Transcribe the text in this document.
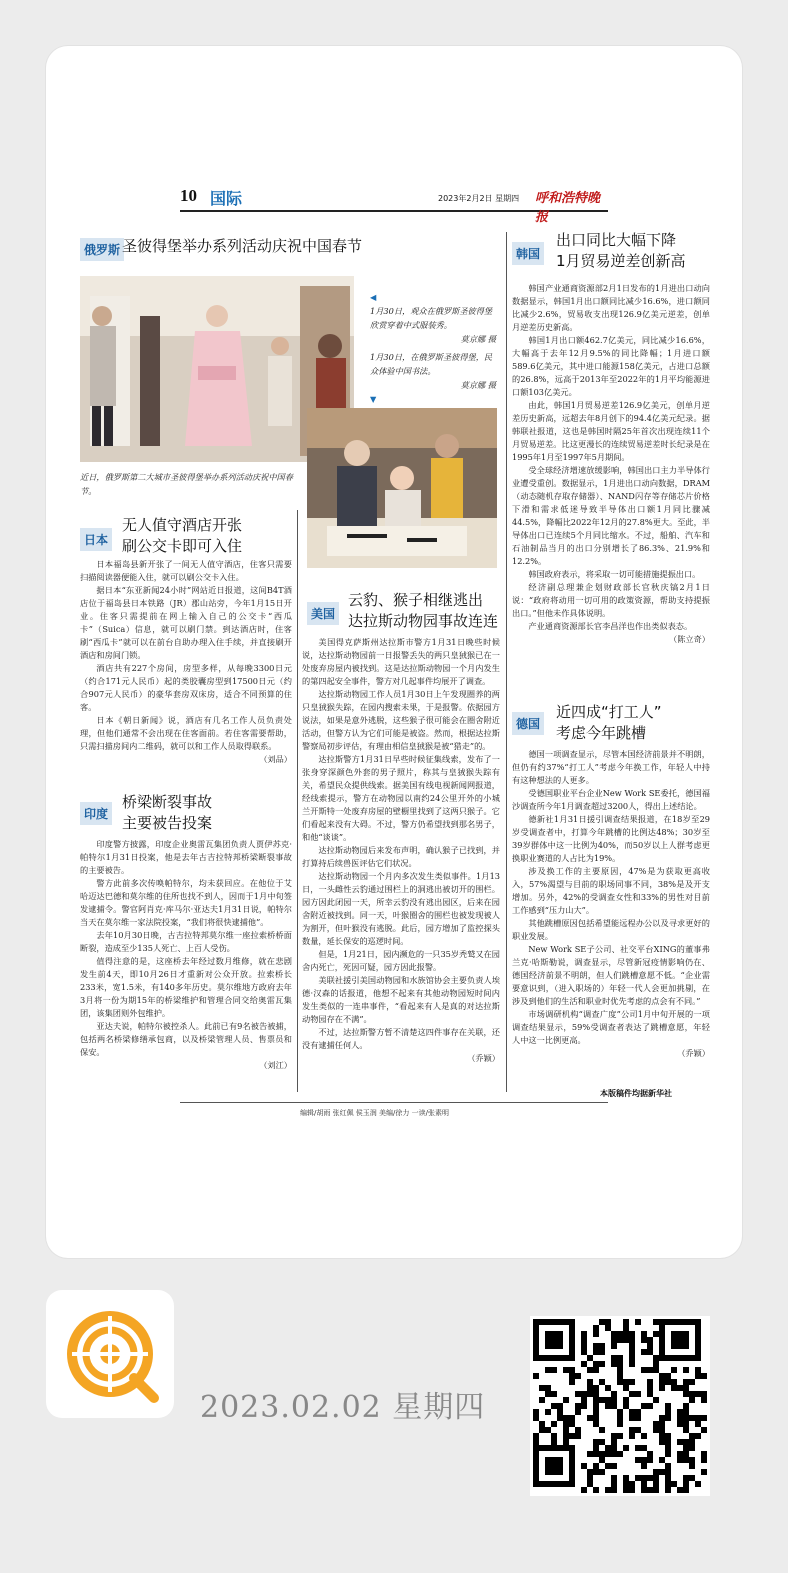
10 国际	2023年2月2日 星期四 呼和浩特晚报
俄罗斯 圣彼得堡举办系列活动庆祝中国春节
◀
1月30日，观众在俄罗斯圣彼得堡欣赏穿着中式服装秀。
莫京娜 摄
1月30日，在俄罗斯圣彼得堡，民众体验中国书法。
莫京娜 摄
▼
近日，俄罗斯第二大城市圣彼得堡举办系列活动庆祝中国春节。
韩国
出口同比大幅下降
1月贸易逆差创新高

韩国产业通商资源部2月1日发布的1月进出口动向数据显示，韩国1月出口额同比减少16.6%，进口额同比减少2.6%，贸易收支出现126.9亿美元逆差，创单月逆差历史新高。

韩国1月出口额462.7亿美元，同比减少16.6%，大幅高于去年12月9.5%的同比降幅；1月进口额589.6亿美元，其中进口能源158亿美元，占进口总额的26.8%，远高于2013年至2022年的1月平均能源进口额103亿美元。

由此，韩国1月贸易逆差126.9亿美元，创单月逆差历史新高，远超去年8月创下的94.4亿美元纪录。据韩联社报道，这也是韩国时隔25年首次出现连续11个月贸易逆差。比这更漫长的连续贸易逆差时长纪录是在1995年1月至1997年5月期间。

受全球经济增速放缓影响，韩国出口主力半导体行业遭受重创。数据显示，1月进出口动向数据，DRAM（动态随机存取存储器）、NAND闪存等存储芯片价格下滑和需求低迷导致半导体出口额1月同比骤减44.5%，降幅比2022年12月的27.8%更大。至此，半导体出口已连续5个月同比缩水。不过，船舶、汽车和石油制品当月的出口分别增长了86.3%、21.9%和12.2%。

韩国政府表示，将采取一切可能措施提振出口。

经济副总理兼企划财政部长官秋庆镐2月1日说：“政府将动用一切可用的政策资源，帮助支持提振出口。”但他未作具体说明。

产业通商资源部长官李昌洋也作出类似表态。

（陈立奇）
日本
无人值守酒店开张
刷公交卡即可入住

日本福岛县新开张了一间无人值守酒店，住客只需要扫描阅读器便能入住，就可以刷公交卡入住。

据日本“东亚新闻24小时”网站近日报道，这间B4T酒店位于福岛县日本铁路（JR）郡山站旁，今年1月15日开业。住客只需提前在网上输入自己的公交卡“西瓜卡”（Suica）信息，就可以刷门禁。到达酒店时，住客刷“西瓜卡”就可以在前台自助办理入住手续，并直接刷开酒店和房间门锁。

酒店共有227个房间，房型多样，从每晚3300日元（约合171元人民币）起的类胶囊房型到17500日元（约合907元人民币）的豪华套房双床房，适合不同预算的住客。

日本《朝日新闻》说，酒店有几名工作人员负责处理，但他们通常不会出现在住客面前。若住客需要帮助，只需扫描房间内二维码，就可以和工作人员取得联系。

（刘品）
印度
桥梁断裂事故
主要被告投案

印度警方披露，印度企业奥雷瓦集团负责人贾伊苏克·帕特尔1月31日投案，他是去年古吉拉特邦桥梁断裂事故的主要被告。

警方此前多次传唤帕特尔，均未获回应。在他位于艾哈迈达巴德和莫尔维的住所也找不到人，因而于1月中旬签发逮捕令。警官阿肖克·库马尔·亚达夫1月31日说，帕特尔当天在莫尔维一家法院投案，“我们将很快逮捕他”。

去年10月30日晚，古吉拉特邦莫尔维一座拉索桥桥面断裂，造成至少135人死亡、上百人受伤。

值得注意的是，这座桥去年经过数月维修，就在悲剧发生前4天，即10月26日才重新对公众开放。拉索桥长233米，宽1.5米，有140多年历史。莫尔维地方政府去年3月将一份为期15年的桥梁维护和管理合同交给奥雷瓦集团，该集团则外包维护。

亚达夫说，帕特尔被控杀人。此前已有9名被告被捕，包括两名桥梁修缮承包商，以及桥梁管理人员、售票员和保安。

（刘江）
美国
云豹、猴子相继逃出
达拉斯动物园事故连连

美国得克萨斯州达拉斯市警方1月31日晚些时候说，达拉斯动物园前一日报警丢失的两只皇狨猴已在一处废弃房屋内被找到。这是达拉斯动物园一个月内发生的第四起安全事件，警方对几起事件均展开了调查。

达拉斯动物园工作人员1月30日上午发现圈养的两只皇狨猴失踪，在园内搜索未果，于是报警。依据园方说法，如果是意外逃脱，这些猴子很可能会在圈舍附近活动，但警方认为它们可能是被盗。然而，根据达拉斯警察局初步评估，有理由相信皇狨猴是被“猎走”的。

达拉斯警方1月31日早些时候征集线索，发布了一张身穿深颜色外套的男子照片，称其与皇狨猴失踪有关，希望民众提供线索。据美国有线电视新闻网报道，经线索提示，警方在动物园以南约24公里开外的小城兰开斯特一处废弃房屋的壁橱里找到了这两只猴子。它们看起来没有大碍。不过，警方仍希望找到那名男子，和他“谈谈”。

达拉斯动物园后来发布声明，确认猴子已找到，并打算持后续兽医评估它们状况。

达拉斯动物园一个月内多次发生类似事件。1月13日，一头雌性云豹通过围栏上的洞逃出被切开的围栏。园方因此闭园一天，所幸云豹没有逃出园区，后来在园舍附近被找到。同一天，叶猴圈舍的围栏也被发现被人为割开，但叶猴没有逃脱。此后，园方增加了监控探头数量，延长保安的巡逻时间。

但是，1月21日，园内濒危的一只35岁秃鹫又在园舍内死亡，死因可疑，园方因此报警。

美联社援引美国动物园和水族馆协会主要负责人埃德·汉森的话报道，他想不起来有其他动物园短时间内发生类似的一连串事件，“看起来有人是真的对达拉斯动物园存在不满”。

不过，达拉斯警方暂不清楚这四件事存在关联，还没有逮捕任何人。

（乔颖）
德国
近四成“打工人”
考虑今年跳槽

德国一项调查显示，尽管本国经济前景并不明朗，但仍有约37%“打工人”考虑今年换工作，年轻人中持有这种想法的人更多。

受德国职业平台企业New Work SE委托，德国福沙调查所今年1月调查超过3200人，得出上述结论。

德新社1月31日援引调查结果报道，在18岁至29岁受调查者中，打算今年跳槽的比例达48%；30岁至39岁群体中这一比例为40%，而50岁以上人群考虑更换职业赛道的人占比为19%。

涉及换工作的主要原因，47%是为获取更高收入，57%渴望与目前的职场同事不同，38%是及开支增加。另外，42%的受调查女性和33%的男性对目前工作感到“压力山大”。

其他跳槽原因包括希望能远程办公以及寻求更好的职业发展。

New Work SE子公司、社交平台XING的董事弗兰克·哈斯勒说，调查显示，尽管新冠疫情影响仍在、德国经济前景不明朗，但人们跳槽意愿不低。“企业需要意识到，（进入职场的）年轻一代人会更加挑剔，在涉及到他们的生活和职业时优先考虑的点会有不同。”

市场调研机构“调查广度”公司1月中旬开展的一项调查结果显示，59%受调查者表达了跳槽意愿，年轻人中这一比例更高。

（乔颖）
本版稿件均据新华社
编辑/胡雨 张红佩 侯玉润 美编/徐力 一读/张素明
2023.02.02 星期四
